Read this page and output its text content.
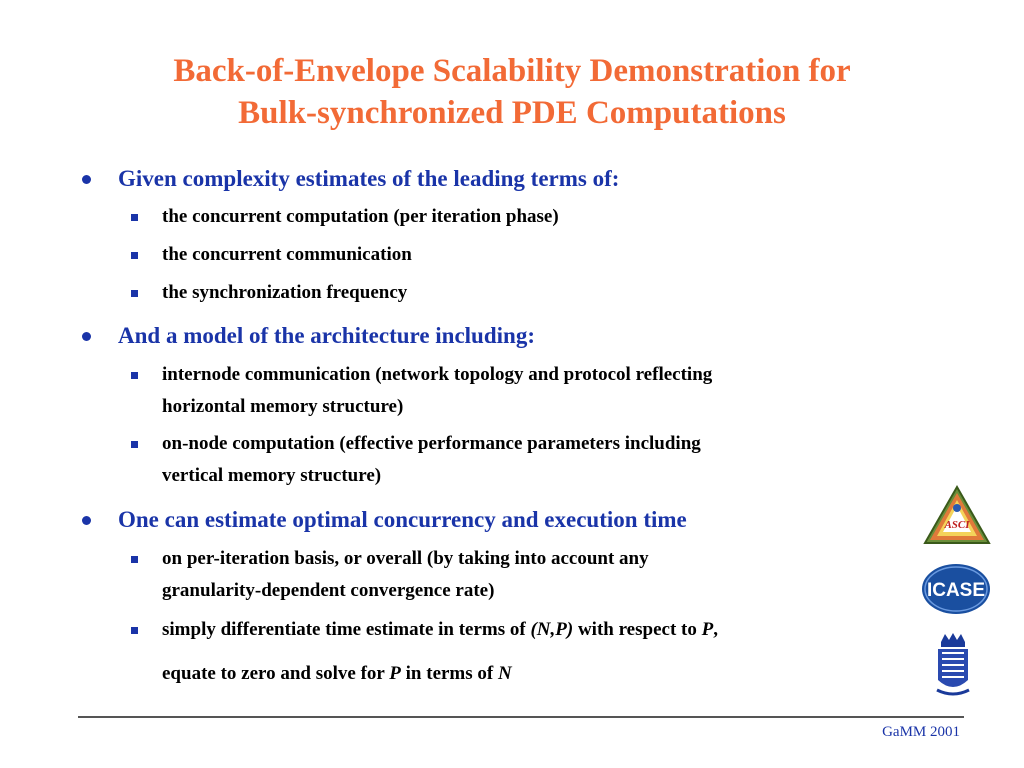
Back-of-Envelope Scalability Demonstration for
Bulk-synchronized PDE Computations
Given complexity estimates of the leading terms of:
the concurrent computation (per iteration phase)
the concurrent communication
the synchronization frequency
And a model of the architecture including:
internode communication (network topology and protocol reflecting
horizontal memory structure)
on-node computation (effective performance parameters including
vertical memory structure)
One can estimate optimal concurrency and execution time
on per-iteration basis, or overall (by taking into account any
granularity-dependent convergence rate)
simply differentiate time estimate in terms of (N,P) with respect to P,
equate to zero and solve for P in terms of N
ASCI
ICASE
GaMM 2001
